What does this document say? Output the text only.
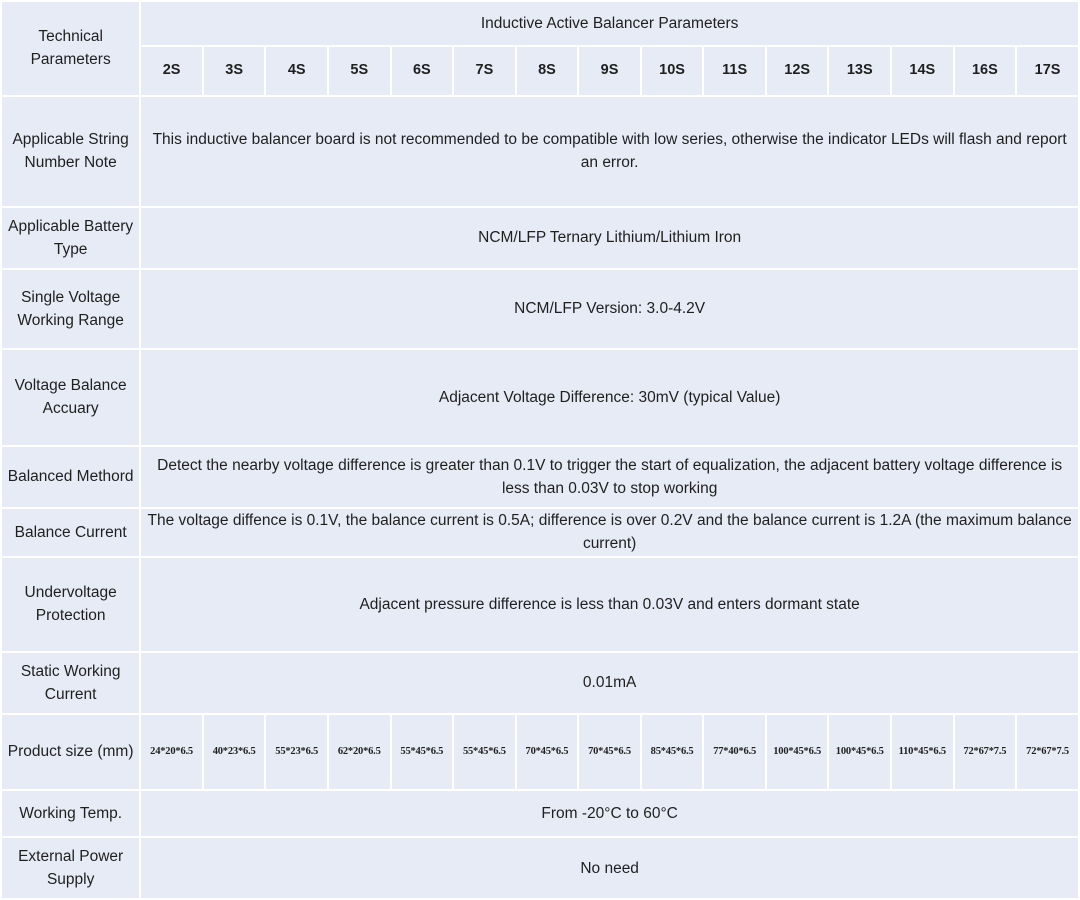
Technical Parameters	Inductive Active Balancer Parameters														
	2S	3S	4S	5S	6S	7S	8S	9S	10S	11S	12S	13S	14S	16S	17S
Applicable String Number Note	This inductive balancer board is not recommended to be compatible with low series, otherwise the indicator LEDs will flash and report an error.														
Applicable Battery Type	NCM/LFP Ternary Lithium/Lithium Iron														
Single Voltage Working Range	NCM/LFP Version: 3.0-4.2V														
Voltage Balance Accuary	Adjacent Voltage Difference: 30mV (typical Value)														
Balanced Methord	Detect the nearby voltage difference is greater than 0.1V to trigger the start of equalization, the adjacent battery voltage difference is less than 0.03V to stop working														
Balance Current	The voltage diffence is 0.1V, the balance current is 0.5A; difference is over 0.2V and the balance current is 1.2A (the maximum balance current)														
Undervoltage Protection	Adjacent pressure difference is less than 0.03V and enters dormant state														
Static Working Current	0.01mA														
Product size (mm)	24*20*6.5	40*23*6.5	55*23*6.5	62*20*6.5	55*45*6.5	55*45*6.5	70*45*6.5	70*45*6.5	85*45*6.5	77*40*6.5	100*45*6.5	100*45*6.5	110*45*6.5	72*67*7.5	72*67*7.5
Working Temp.	From -20°C to 60°C														
External Power Supply	No need														
